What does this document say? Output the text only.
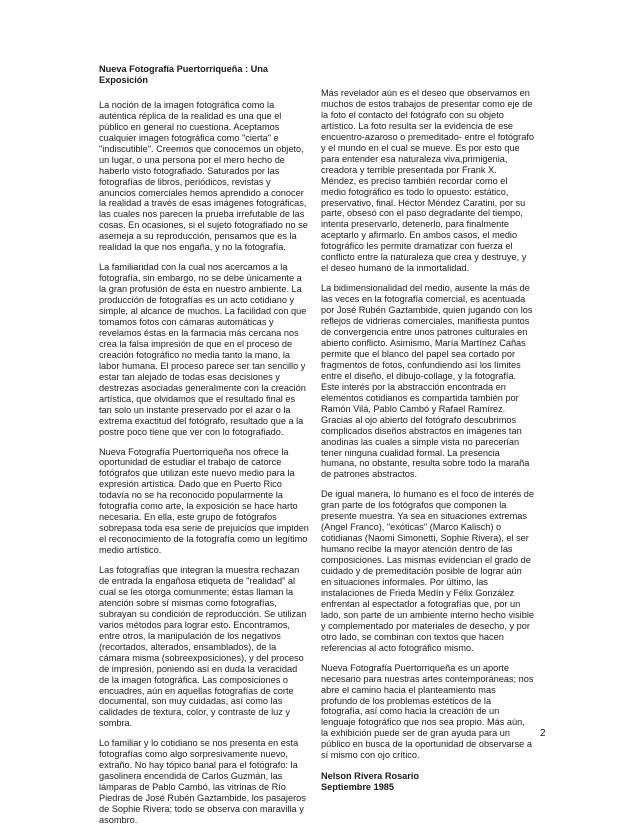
Nueva Fotografía Puertorriqueña : Una Exposición

La noción de la imagen fotográfica como la auténtica réplica de la realidad es una que el público en general no cuestiona. Aceptamos cualquier imagen fotográfica como "cierta" e "indiscutible". Creemos que conocemos un objeto, un lugar, o una persona por el mero hecho de haberlo visto fotografiado. Saturados por las fotografías de libros, periódicos, revistas y anuncios comerciales hemos aprendido a conocer la realidad a través de esas imágenes fotográficas, las cuales nos parecen la prueba irrefutable de las cosas. En ocasiones, si el sujeto fotografiado no se asemeja a su reproducción, pensamos que es la realidad la que nos engaña, y no la fotografía.

La familiaridad con la cual nos acercamos a la fotografía, sin embargo, no se debe únicamente a la gran profusión de ésta en nuestro ambiente. La producción de fotografías es un acto cotidiano y simple, al alcance de muchos. La facilidad con que tomamos fotos con cámaras automáticas y revelamos éstas en la farmacia más cercana nos crea la falsa impresión de que en el proceso de creación fotográfico no media tanto la mano, la labor humana. El proceso parece ser tan sencillo y estar tan alejado de todas esas decisiones y destrezas asociadas generalmente con la creación artística, que olvidamos que el resultado final es tan solo un instante preservado por el azar o la extrema exactitud del fotógrafo, resultado que a la postre poco tiene que ver con lo fotografiado.

Nueva Fotografía Puertorriqueña nos ofrece la oportunidad de estudiar el trabajo de catorce fotógrafos que utilizan este nuevo medio para la expresión artística. Dado que en Puerto Rico todavía no se ha reconocido popularmente la fotografía como arte, la exposición se hace harto necesaria. En ella, este grupo de fotógrafos sobrepasa toda esa serie de prejuicios que impiden el reconocimiento de la fotografía como un legítimo medio artístico.

Las fotografías que integran la muestra rechazan de entrada la engañosa etiqueta de "realidad" al cual se les otorga comunmente; éstas llaman la atención sobre sí mismas como fotografías, subrayan su condición de reproducción. Se utilizan varios métodos para lograr esto. Encontramos, entre otros, la manipulación de los negativos (recortados, alterados, ensamblados), de la cámara misma (sobreexposiciones), y del proceso de impresión, poniendo así en duda la veracidad de la imagen fotográfica. Las composiciones o encuadres, aún en aquellas fotografías de corte documental, son muy cuidadas, así como las calidades de textura, color, y contraste de luz y sombra.

Lo familiar y lo cotidiano se nos presenta en esta fotografías como algo sorpresivamente nuevo, extraño. No hay tópico banal para el fotógrafo: la gasolinera encendida de Carlos Guzmán, las lámparas de Pablo Cambó, las vitrinas de Río Piedras de José Rubén Gaztambide, los pasajeros de Sophie Rivera; todo se observa con maravilla y asombro.

Más revelador aún es el deseo que observamos en muchos de estos trabajos de presentar como eje de la foto el contacto del fotógrafo con su objeto artístico. La foto resulta ser la evidencia de ese encuentro-azaroso o premeditado- entre el fotógrafo y el mundo en el cual se mueve. Es por esto que para entender esa naturaleza viva,primigenia, creadora y terrible presentada por Frank X. Méndez, es preciso también recordar como el medio fotográfico es todo lo opuesto: estático, preservativo, final. Héctor Méndez Caratini, por su parte, obsesó con el paso degradante del tiempo, intenta preservarlo, detenerlo, para finalmente aceptarlo y afirmarlo. En ambos casos, el medio fotográfico les permite dramatizar con fuerza el conflicto entre la naturaleza que crea y destruye, y el deseo humano de la inmortalidad.

La bidimensionalidad del medio, ausente la más de las veces en la fotografía comercial, es acentuada por José Rubén Gaztambide, quien jugando con los reflejos de vidrieras comerciales, manifiesta puntos de convergencia entre unos patrones culturales en abierto conflicto. Asimismo, María Martínez Cañas permite que el blanco del papel sea cortado por fragmentos de fotos, confundiendo así los límites entre el diseño, el dibujo-collage, y la fotografía. Este interés por la abstracción encontrada en elementos cotidianos es compartida también por Ramón Vilá, Pablo Cambó y Rafael Ramírez. Gracias al ojo abierto del fotógrafo descubrimos complicados diseños abstractos en imágenes tan anodinas las cuales a simple vista no parecerían tener ninguna cualidad formal. La presencia humana, no obstante, resulta sobre todo la maraña de patrones abstractos.

De igual manera, lo humano es el foco de interés de gran parte de los fotógrafos que componen la presente muestra. Ya sea en situaciones extremas (Angel Franco), "exóticas" (Marco Kalisch) o cotidianas (Naomi Simonetti, Sophie Rivera), el ser humano recibe la mayor atención dentro de las composiciones. Las mismas evidencian el grado de cuidado y de premeditación posible de lograr aún en situaciones informales. Por último, las instalaciones de Frieda Medín y Félix González enfrentan al espectador a fotografías que, por un lado, son parte de un ambiente interno hecho visible y complementado por materiales de desecho, y por otro lado, se combinan con textos que hacen referencias al acto fotográfico mismo.

Nueva Fotografía Puertorriqueña es un aporte necesario para nuestras artes contemporáneas; nos abre el camino hacia el planteamiento mas profundo de los problemas estéticos de la fotografía, así como hacia la creación de un lenguaje fotográfico que nos sea propio. Más aún, la exhibición puede ser de gran ayuda para un público en busca de la oportunidad de observarse a sí mismo con ojo crítico.

Nelson Rivera Rosario
Septiembre 1985
2
